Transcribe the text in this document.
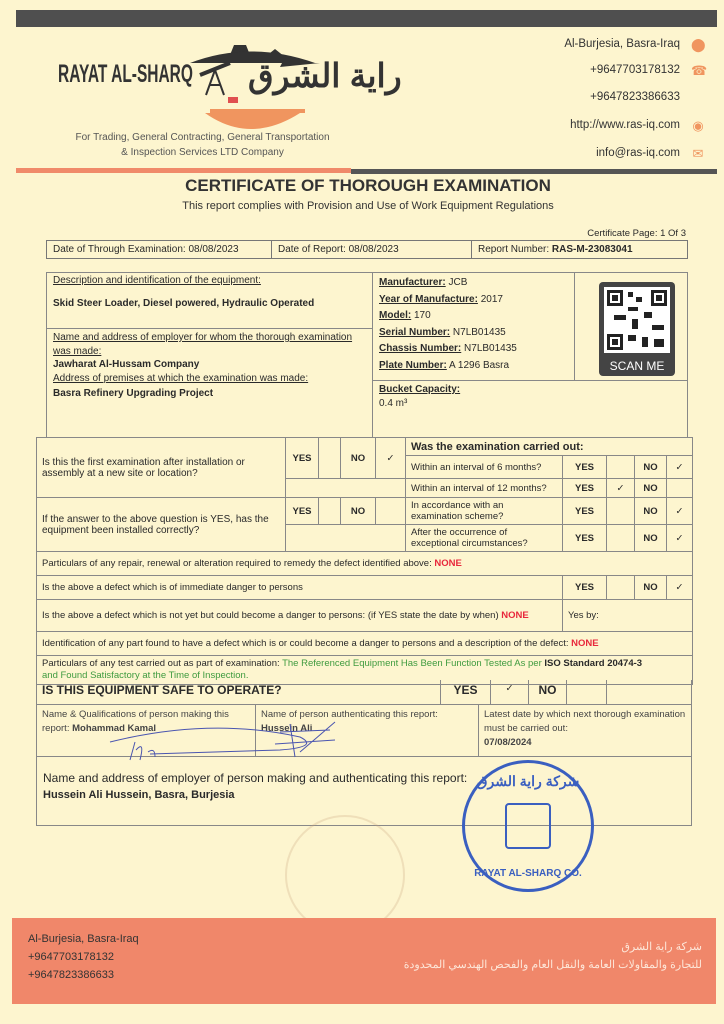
RAYAT AL-SHARQ راية الشرق
For Trading, General Contracting, General Transportation
& Inspection Services LTD Company
Al-Burjesia, Basra-Iraq ⬤
+9647703178132 ☎
+9647823386633
http://www.ras-iq.com ◉
info@ras-iq.com ✉
CERTIFICATE OF THOROUGH EXAMINATION
This report complies with Provision and Use of Work Equipment Regulations
Certificate Page: 1 Of 3
Date of Through Examination: 08/08/2023	Date of Report: 08/08/2023	Report Number: RAS-M-23083041
Description and identification of the equipment:
Skid Steer Loader, Diesel powered, Hydraulic Operated
Name and address of employer for whom the thorough examination was made:
Jawharat Al-Hussam Company
Address of premises at which the examination was made:
Basra Refinery Upgrading Project
Manufacturer: JCB
Year of Manufacture: 2017
Model: 170
Serial Number: N7LB01435
Chassis Number: N7LB01435
Plate Number: A 1296 Basra	SCAN ME
Bucket Capacity:
0.4 m³
Is this the first examination after installation or assembly at a new site or location?	YES		NO	✓	Was the examination carried out:				
					Within an interval of 6 months?	YES		NO	✓
					Within an interval of 12 months?	YES	✓	NO	
If the answer to the above question is YES, has the equipment been installed correctly?	YES		NO		In accordance with an examination scheme?	YES		NO	✓
					After the occurrence of exceptional circumstances?	YES		NO	✓
Particulars of any repair, renewal or alteration required to remedy the defect identified above: NONE									
Is the above a defect which is of immediate danger to persons						YES		NO	✓
Is the above a defect which is not yet but could become a danger to persons: (if YES state the date by when) NONE						Yes by:			
Identification of any part found to have a defect which is or could become a danger to persons and a description of the defect: NONE									
Particulars of any test carried out as part of examination: The Referenced Equipment Has Been Function Tested As per ISO Standard 20474-3
and Found Satisfactory at the Time of Inspection.									
IS THIS EQUIPMENT SAFE TO OPERATE?	YES	✓	NO
Name & Qualifications of person making this report: Mohammad Kamal
Name of person authenticating this report:
Hussein Ali
Latest date by which next thorough examination must be carried out:
07/08/2024
Name and address of employer of person making and authenticating this report:
Hussein Ali Hussein, Basra, Burjesia
شركة راية الشرق
RAYAT AL-SHARQ CO.
Al-Burjesia, Basra-Iraq
+9647703178132
+9647823386633
شركة راية الشرق
للتجارة والمقاولات العامة والنقل العام والفحص الهندسي المحدودة
